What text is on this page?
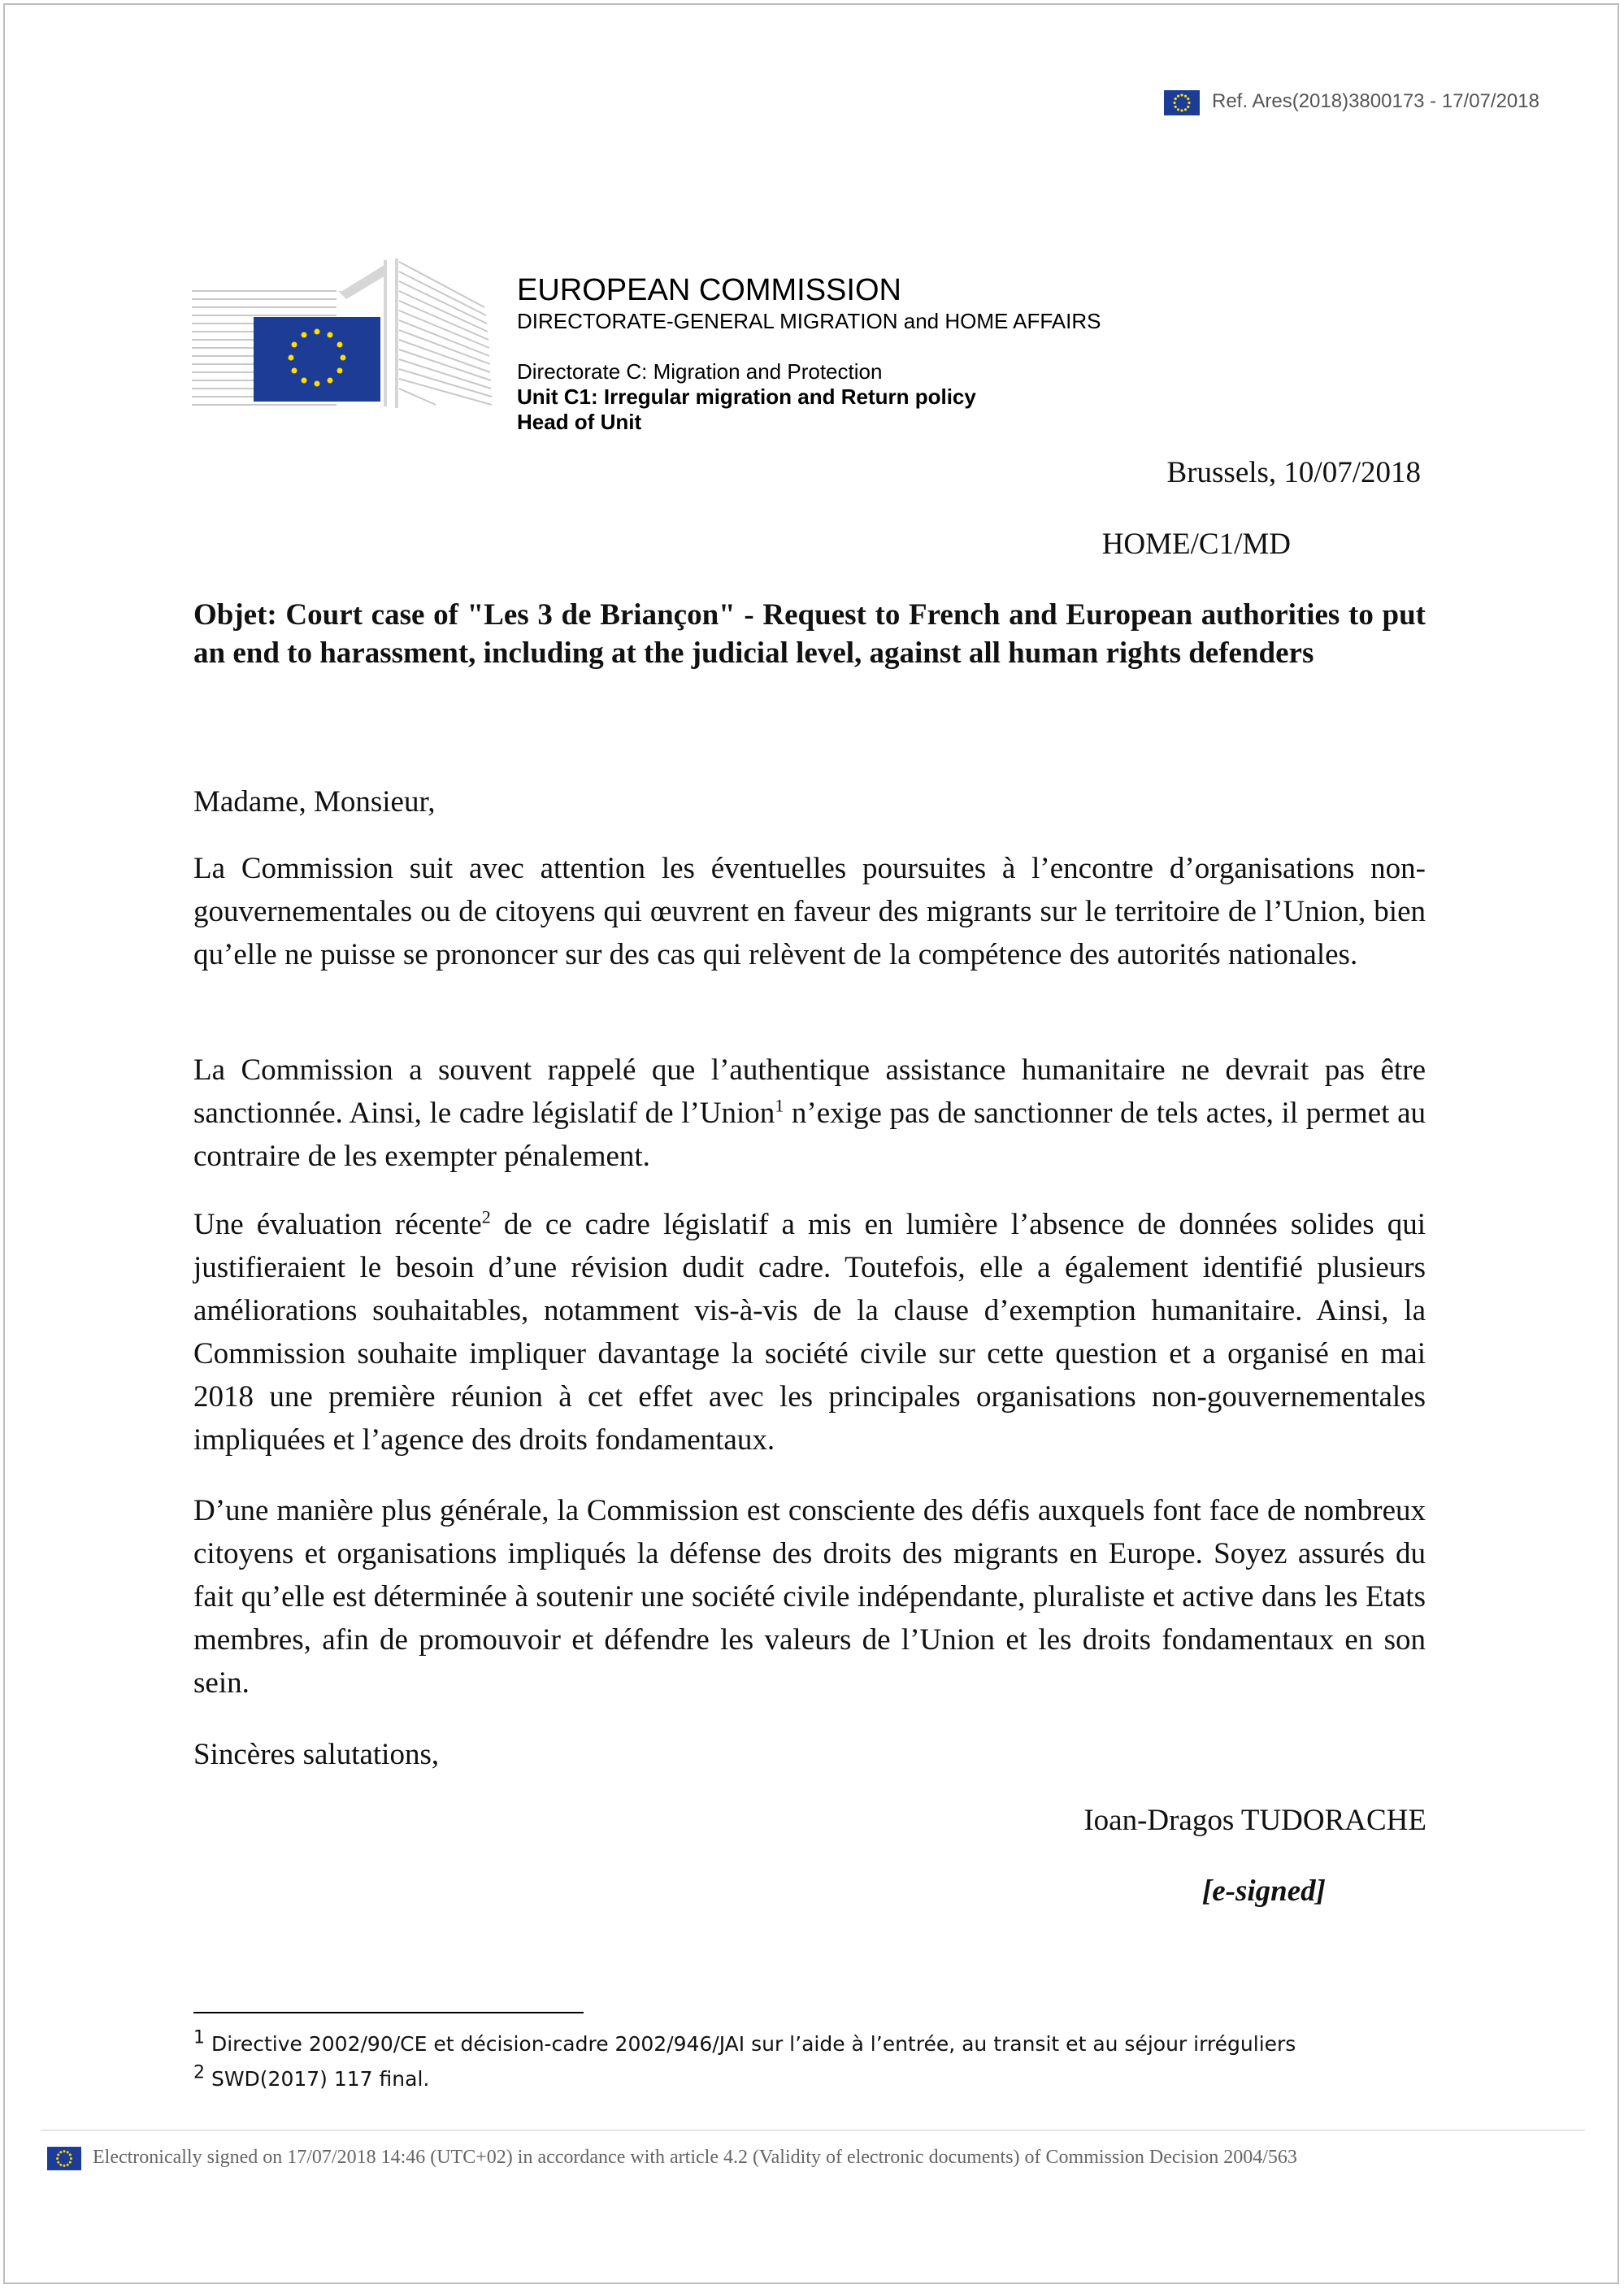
Ref. Ares(2018)3800173 - 17/07/2018
EUROPEAN COMMISSION
DIRECTORATE-GENERAL MIGRATION and HOME AFFAIRS
Directorate C: Migration and Protection
Unit C1: Irregular migration and Return policy
Head of Unit
Brussels, 10/07/2018
HOME/C1/MD
Objet: Court case of "Les 3 de Briançon" - Request to French and European authorities to put an end to harassment, including at the judicial level, against all human rights defenders
Madame, Monsieur,
La Commission suit avec attention les éventuelles poursuites à l’encontre d’organisations non-gouvernementales ou de citoyens qui œuvrent en faveur des migrants sur le territoire de l’Union, bien qu’elle ne puisse se prononcer sur des cas qui relèvent de la compétence des autorités nationales.
La Commission a souvent rappelé que l’authentique assistance humanitaire ne devrait pas être sanctionnée. Ainsi, le cadre législatif de l’Union$^1$ n’exige pas de sanctionner de tels actes, il permet au contraire de les exempter pénalement.
Une évaluation récente$^2$ de ce cadre législatif a mis en lumière l’absence de données solides qui justifieraient le besoin d’une révision dudit cadre. Toutefois, elle a également identifié plusieurs améliorations souhaitables, notamment vis-à-vis de la clause d’exemption humanitaire. Ainsi, la Commission souhaite impliquer davantage la société civile sur cette question et a organisé en mai 2018 une première réunion à cet effet avec les principales organisations non-gouvernementales impliquées et l’agence des droits fondamentaux.
D’une manière plus générale, la Commission est consciente des défis auxquels font face de nombreux citoyens et organisations impliqués la défense des droits des migrants en Europe. Soyez assurés du fait qu’elle est déterminée à soutenir une société civile indépendante, pluraliste et active dans les Etats membres, afin de promouvoir et défendre les valeurs de l’Union et les droits fondamentaux en son sein.
Sincères salutations,
Ioan-Dragos TUDORACHE
[e-signed]
$^1$ Directive 2002/90/CE et décision-cadre 2002/946/JAI sur l’aide à l’entrée, au transit et au séjour irréguliers
$^2$ SWD(2017) 117 final.
Electronically signed on 17/07/2018 14:46 (UTC+02) in accordance with article 4.2 (Validity of electronic documents) of Commission Decision 2004/563
